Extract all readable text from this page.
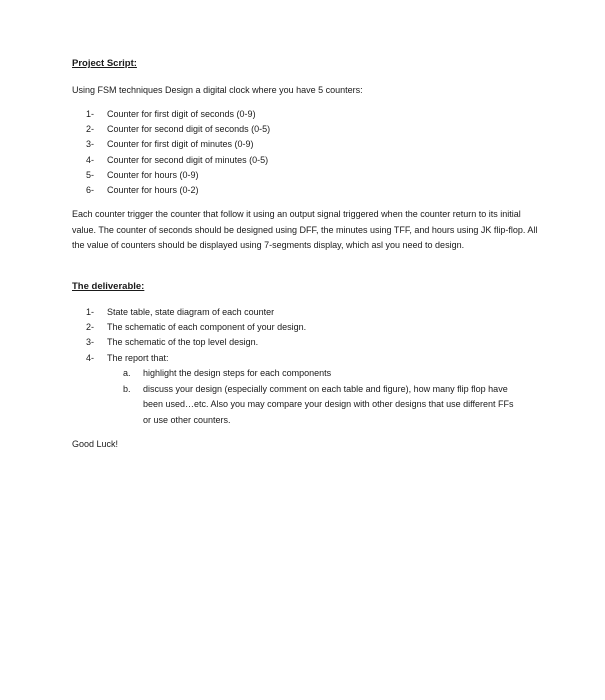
Project Script:
Using FSM techniques Design a digital clock where you have 5 counters:
1- Counter for first digit of seconds (0-9)
2- Counter for second digit of seconds (0-5)
3- Counter for first digit of minutes (0-9)
4- Counter for second digit of minutes (0-5)
5- Counter for hours (0-9)
6- Counter for hours (0-2)
Each counter trigger the counter that follow it using an output signal triggered when the counter return to its initial value. The counter of seconds should be designed using DFF, the minutes using TFF, and hours using JK flip-flop. All the value of counters should be displayed using 7-segments display, which asl you need to design.
The deliverable:
1- State table, state diagram of each counter
2- The schematic of each component of your design.
3- The schematic of the top level design.
4- The report that:
a.	highlight the design steps for each components
b.	discuss your design (especially comment on each table and figure), how many flip flop have been used…etc. Also you may compare your design with other designs that use different FFs or use other counters.
Good Luck!
